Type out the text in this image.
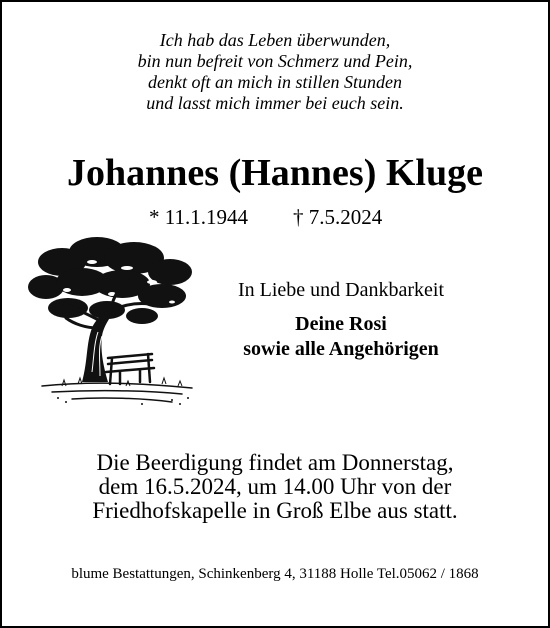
Ich hab das Leben überwunden,
bin nun befreit von Schmerz und Pein,
denkt oft an mich in stillen Stunden
und lasst mich immer bei euch sein.
Johannes (Hannes) Kluge
* 11.1.1944 † 7.5.2024
In Liebe und Dankbarkeit
Deine Rosi
sowie alle Angehörigen
Die Beerdigung findet am Donnerstag,
dem 16.5.2024, um 14.00 Uhr von der
Friedhofskapelle in Groß Elbe aus statt.
blume Bestattungen, Schinkenberg 4, 31188 Holle Tel.05062 / 1868
